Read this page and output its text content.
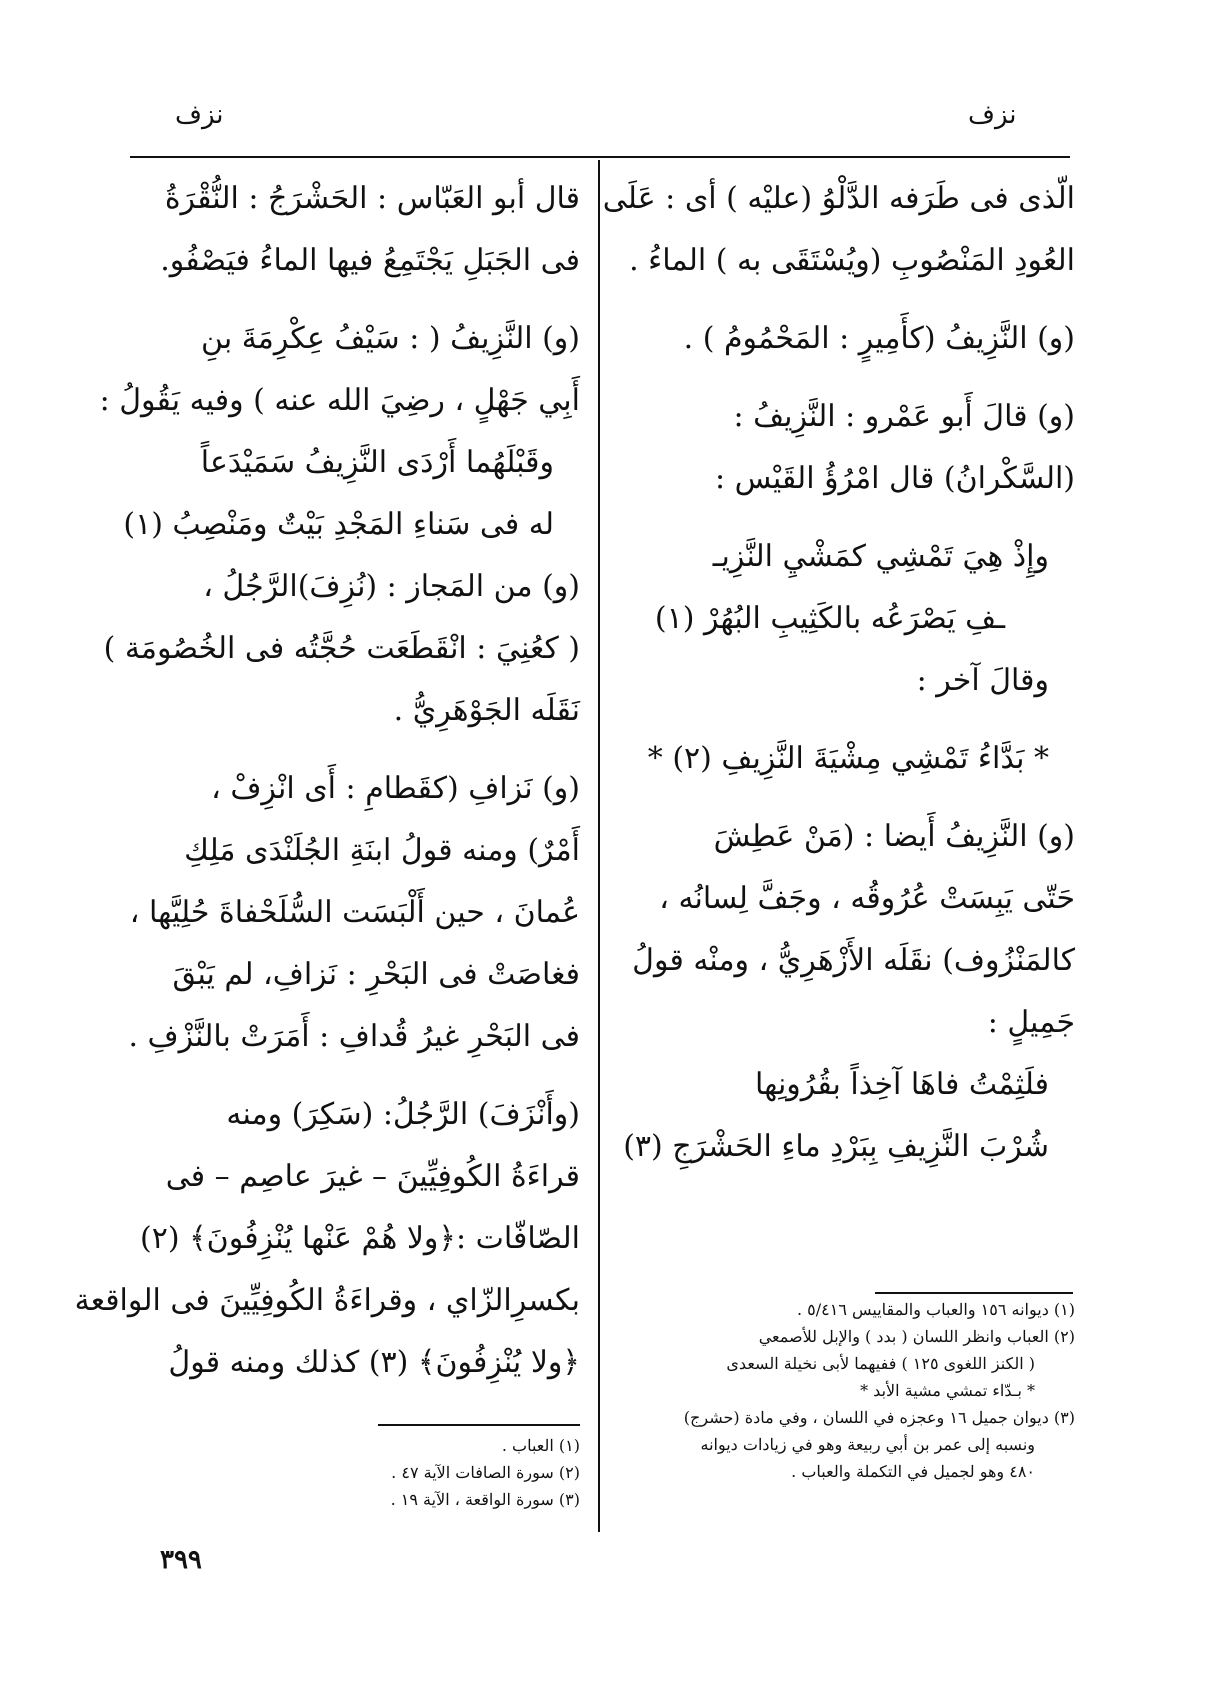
نزف
نزف
الّذى فى طَرَفه الدَّلْوُ (عليْه ) أى : عَلَى
العُودِ المَنْصُوبِ (ويُسْتَقَى به ) الماءُ .
(و) النَّزِيفُ (كأَمِيرٍ : المَحْمُومُ ) .
(و) قالَ أَبو عَمْرو : النَّزِيفُ :
(السَّكْرانُ) قال امْرُؤُ القَيْس :
وإِذْ هِيَ تَمْشِي كمَشْيِ النَّزِيـ
ـفِ يَصْرَعُه بالكَثِيبِ البُهُرْ (١)
وقالَ آخر :
* بَدَّاءُ تَمْشِي مِشْيَةَ النَّزِيفِ (٢) *
(و) النَّزِيفُ أَيضا : (مَنْ عَطِشَ
حَتّى يَبِسَتْ عُرُوقُه ، وجَفَّ لِسانُه ،
كالمَنْزُوف) نقَلَه الأَزْهَرِيُّ ، ومنْه قولُ
جَمِيلٍ :
فلَثِمْتُ فاهَا آخِذاً بقُرُونِها
شُرْبَ النَّزِيفِ بِبَرْدِ ماءِ الحَشْرَجِ (٣)
(١) ديوانه ١٥٦ والعباب والمقاييس ٥/٤١٦ .
(٢) العباب وانظر اللسان ( بدد ) والإبل للأصمعي
( الكنز اللغوى ١٢٥ ) ففيهما لأبى نخيلة السعدى
* بـدّاء تمشي مشية الأبد *
(٣) ديوان جميل ١٦ وعجزه في اللسان ، وفي مادة (حشرج)
ونسبه إلى عمر بن أبي ربيعة وهو في زيادات ديوانه
٤٨٠ وهو لجميل في التكملة والعباب .
قال أبو العَبّاس : الحَشْرَجُ : النُّقْرَةُ
فى الجَبَلِ يَجْتَمِعُ فيها الماءُ فيَصْفُو.
(و) النَّزِيفُ ( : سَيْفُ عِكْرِمَةَ بنِ
أَبِي جَهْلٍ ، رضِيَ الله عنه ) وفيه يَقُولُ :
وقَبْلَهُما أَرْدَى النَّزِيفُ سَمَيْدَعاً
له فى سَناءِ المَجْدِ بَيْتٌ ومَنْصِبُ (١)
(و) من المَجاز : (نُزِفَ)الرَّجُلُ ،
( كعُنِيَ : انْقَطَعَت حُجَّتُه فى الخُصُومَة )
نَقَلَه الجَوْهَرِيُّ .
(و) نَزافِ (كقَطامِ : أَى انْزِفْ ،
أَمْرٌ) ومنه قولُ ابنَةِ الجُلَنْدَى مَلِكِ
عُمانَ ، حين أَلْبَسَت السُّلَحْفاةَ حُلِيَّها ،
فغاصَتْ فى البَحْرِ : نَزافِ، لم يَبْقَ
فى البَحْرِ غيرُ قُدافِ : أَمَرَتْ بالنَّزْفِ .
(وأَنْزَفَ) الرَّجُلُ: (سَكِرَ) ومنه
قراءَةُ الكُوفِيِّينَ – غيرَ عاصِم – فى
الصّافّات :﴿ولا هُمْ عَنْها يُنْزِفُونَ﴾ (٢)
بكسرِالزّاي ، وقراءَةُ الكُوفِيِّينَ فى الواقعة
﴿ولا يُنْزِفُونَ﴾ (٣) كذلك ومنه قولُ
(١) العباب .
(٢) سورة الصافات الآية ٤٧ .
(٣) سورة الواقعة ، الآية ١٩ .
٣٩٩
